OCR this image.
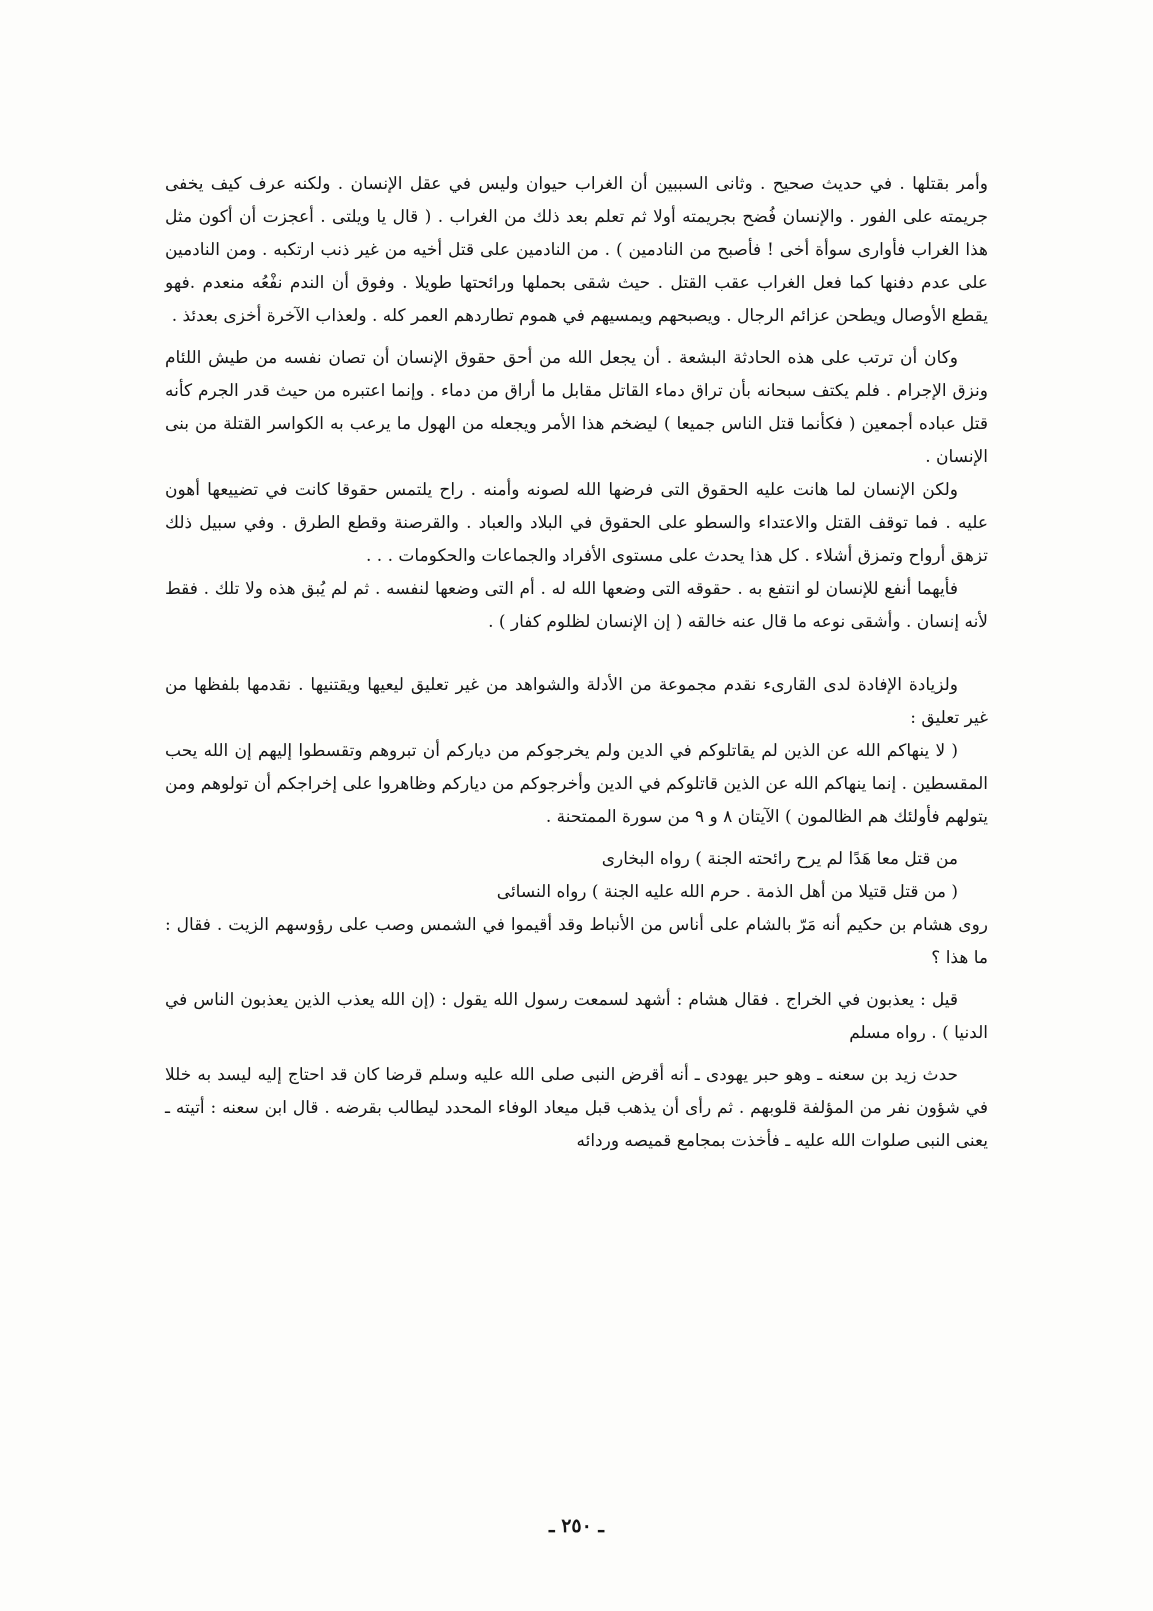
وأمر بقتلها . في حديث صحيح . وثانى السببين أن الغراب حيوان وليس في عقل الإنسان . ولكنه عرف كيف يخفى جريمته على الفور . والإنسان فُضح بجريمته أولا ثم تعلم بعد ذلك من الغراب . ( قال يا ويلتى . أعجزت أن أكون مثل هذا الغراب فأوارى سوأة أخى ! فأصبح من النادمين ) . من النادمين على قتل أخيه من غير ذنب ارتكبه . ومن النادمين على عدم دفنها كما فعل الغراب عقب القتل . حيث شقى بحملها ورائحتها طويلا . وفوق أن الندم نفْعُه منعدم .فهو يقطع الأوصال ويطحن عزائم الرجال . ويصبحهم ويمسيهم في هموم تطاردهم العمر كله . ولعذاب الآخرة أخزى بعدئذ .

وكان أن ترتب على هذه الحادثة البشعة . أن يجعل الله من أحق حقوق الإنسان أن تصان نفسه من طيش اللئام ونزق الإجرام . فلم يكتف سبحانه بأن تراق دماء القاتل مقابل ما أراق من دماء . وإنما اعتبره من حيث قدر الجرم كأنه قتل عباده أجمعين ( فكأنما قتل الناس جميعا ) ليضخم هذا الأمر ويجعله من الهول ما يرعب به الكواسر القتلة من بنى الإنسان .

ولكن الإنسان لما هانت عليه الحقوق التى فرضها الله لصونه وأمنه . راح يلتمس حقوقا كانت في تضييعها أهون عليه . فما توقف القتل والاعتداء والسطو على الحقوق في البلاد والعباد . والقرصنة وقطع الطرق . وفي سبيل ذلك تزهق أرواح وتمزق أشلاء . كل هذا يحدث على مستوى الأفراد والجماعات والحكومات . . .

فأيهما أنفع للإنسان لو انتفع به . حقوقه التى وضعها الله له . أم التى وضعها لنفسه . ثم لم يُبق هذه ولا تلك . فقط لأنه إنسان . وأشقى نوعه ما قال عنه خالقه ( إن الإنسان لظلوم كفار ) .

ولزيادة الإفادة لدى القارىء نقدم مجموعة من الأدلة والشواهد من غير تعليق ليعيها ويقتنيها . نقدمها بلفظها من غير تعليق :

( لا ينهاكم الله عن الذين لم يقاتلوكم في الدين ولم يخرجوكم من دياركم أن تبروهم وتقسطوا إليهم إن الله يحب المقسطين . إنما ينهاكم الله عن الذين قاتلوكم في الدين وأخرجوكم من دياركم وظاهروا على إخراجكم أن تولوهم ومن يتولهم فأولئك هم الظالمون ) الآيتان ٨ و ٩ من سورة الممتحنة .

من قتل معا هَدًا لم يرح رائحته الجنة ) رواه البخارى

( من قتل قتيلا من أهل الذمة . حرم الله عليه الجنة ) رواه النسائى

روى هشام بن حكيم أنه مَرّ بالشام على أناس من الأنباط وقد أقيموا في الشمس وصب على رؤوسهم الزيت . فقال : ما هذا ؟

قيل : يعذبون في الخراج . فقال هشام : أشهد لسمعت رسول الله يقول : (إن الله يعذب الذين يعذبون الناس في الدنيا ) . رواه مسلم

حدث زيد بن سعنه ـ وهو حبر يهودى ـ أنه أقرض النبى صلى الله عليه وسلم قرضا كان قد احتاج إليه ليسد به خللا في شؤون نفر من المؤلفة قلوبهم . ثم رأى أن يذهب قبل ميعاد الوفاء المحدد ليطالب بقرضه . قال ابن سعنه : أتيته ـ يعنى النبى صلوات الله عليه ـ فأخذت بمجامع قميصه وردائه

ـ ٢٥٠ ـ
